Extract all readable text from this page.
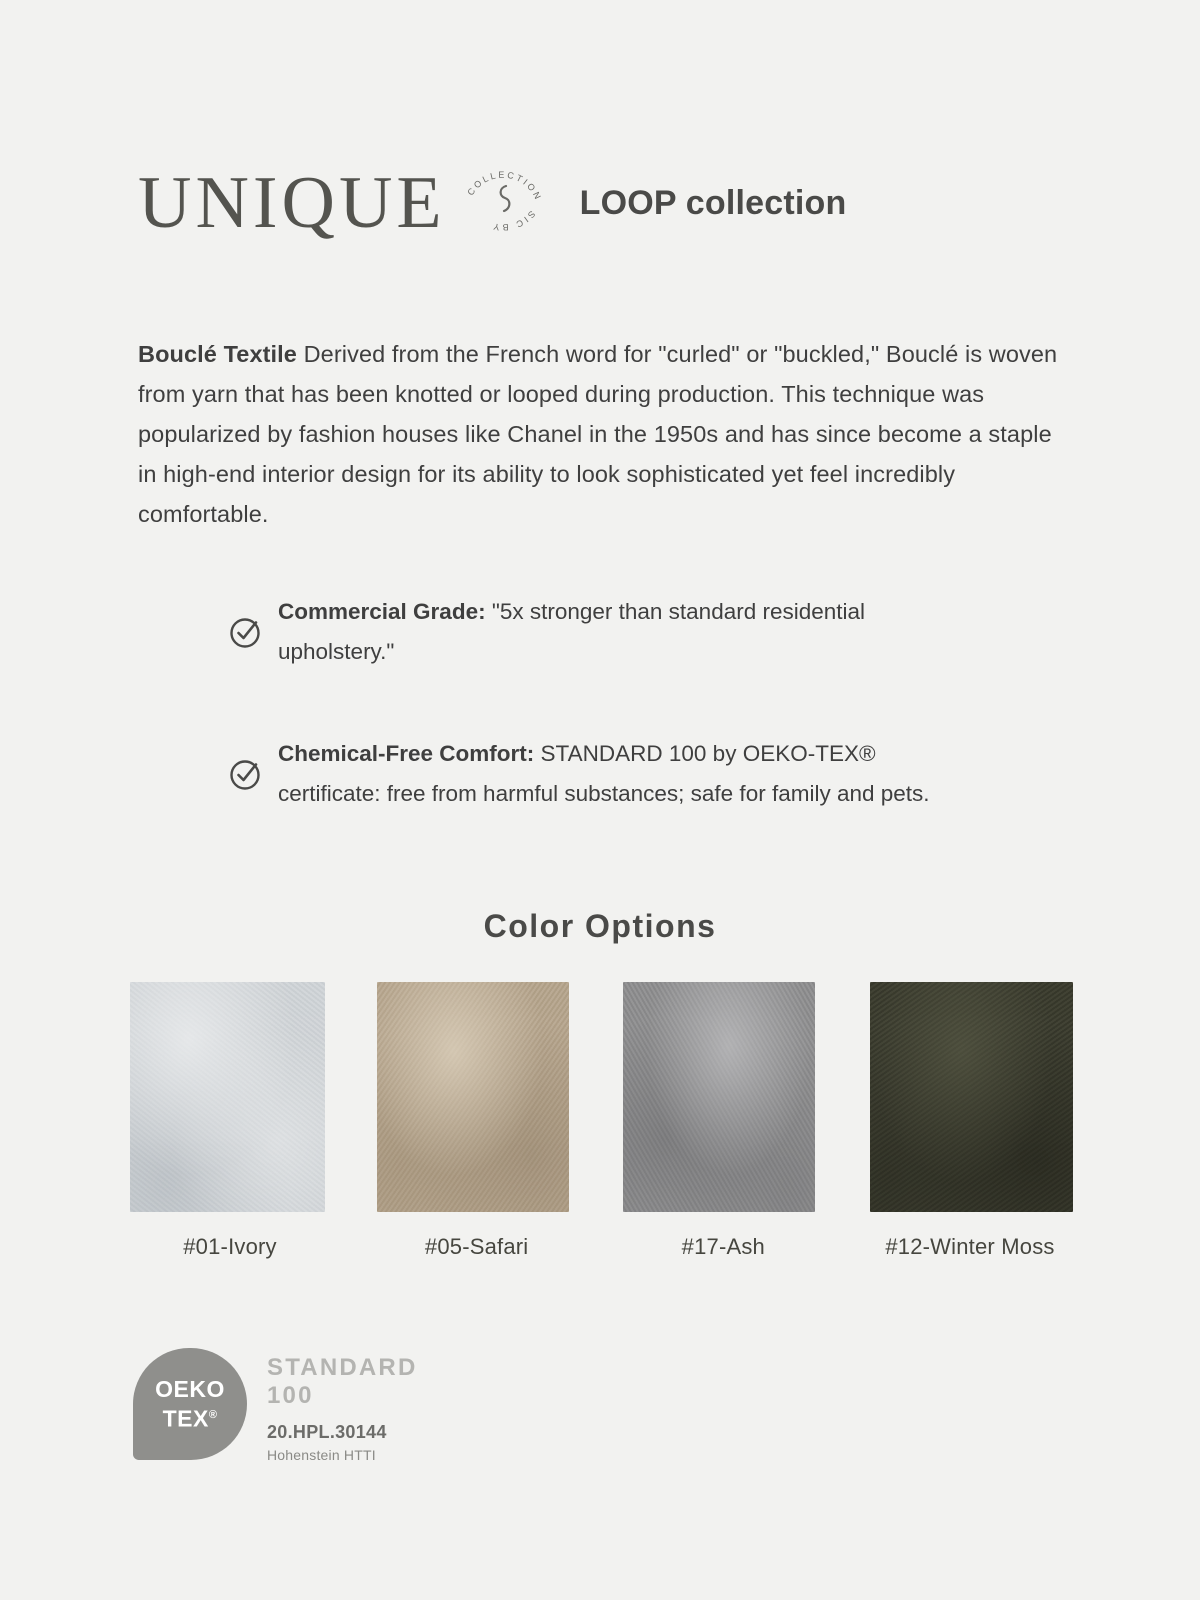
UNIQUE COLLECTION
SIC BY
LOOP collection

Bouclé Textile Derived from the French word for "curled" or "buckled," Bouclé is woven from yarn that has been knotted or looped during production. This technique was popularized by fashion houses like Chanel in the 1950s and has since become a staple in high-end interior design for its ability to look sophisticated yet feel incredibly comfortable.

Commercial Grade: "5x stronger than standard residential upholstery."
Chemical-Free Comfort: STANDARD 100 by OEKO-TEX® certificate: free from harmful substances; safe for family and pets.
Color Options
#01-Ivory	#05-Safari	#17-Ash	#12-Winter Moss
OEKO
TEX®
STANDARD
100
20.HPL.30144
Hohenstein HTTI
